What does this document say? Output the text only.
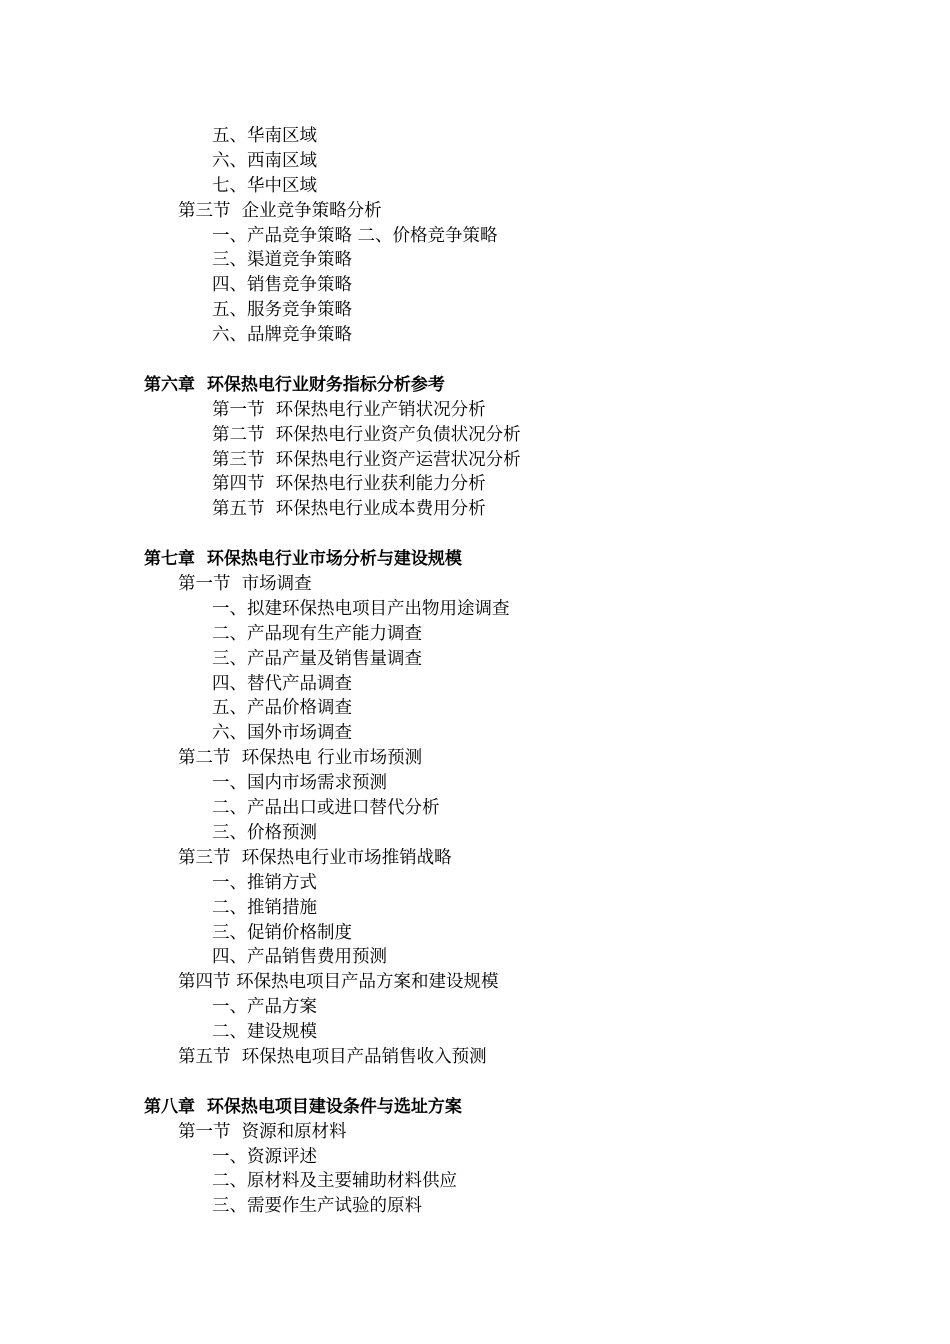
五、华南区域
六、西南区域
七、华中区域
第三节  企业竞争策略分析
一、产品竞争策略 二、价格竞争策略
三、渠道竞争策略
四、销售竞争策略
五、服务竞争策略
六、品牌竞争策略
第六章  环保热电行业财务指标分析参考
第一节  环保热电行业产销状况分析
第二节  环保热电行业资产负债状况分析
第三节  环保热电行业资产运营状况分析
第四节  环保热电行业获利能力分析
第五节  环保热电行业成本费用分析
第七章  环保热电行业市场分析与建设规模
第一节  市场调查
一、拟建环保热电项目产出物用途调查
二、产品现有生产能力调查
三、产品产量及销售量调查
四、替代产品调查
五、产品价格调查
六、国外市场调查
第二节  环保热电 行业市场预测
一、国内市场需求预测
二、产品出口或进口替代分析
三、价格预测
第三节  环保热电行业市场推销战略
一、推销方式
二、推销措施
三、促销价格制度
四、产品销售费用预测
第四节 环保热电项目产品方案和建设规模
一、产品方案
二、建设规模
第五节  环保热电项目产品销售收入预测
第八章  环保热电项目建设条件与选址方案
第一节  资源和原材料
一、资源评述
二、原材料及主要辅助材料供应
三、需要作生产试验的原料
